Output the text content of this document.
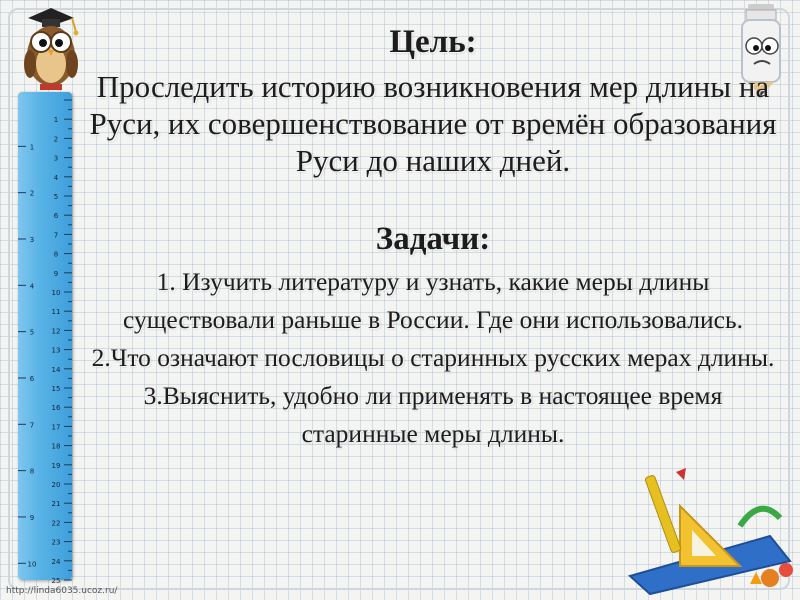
1
2
3
4
5
6
7
8
9
10
11
12
13
14
15
16
17
18
19
20
21
22
23
24
25
1
2
3
4
5
6
7
8
9
10
Цель:

Проследить историю возникновения мер длины на Руси, их совершенствование от времён образования Руси до наших дней.

Задачи:
1. Изучить литературу и узнать, какие меры длины существовали раньше в России. Где они использовались.
2.Что означают пословицы о старинных русских мерах длины.
3.Выяснить, удобно ли применять в настоящее время старинные меры длины.
http://linda6035.ucoz.ru/
